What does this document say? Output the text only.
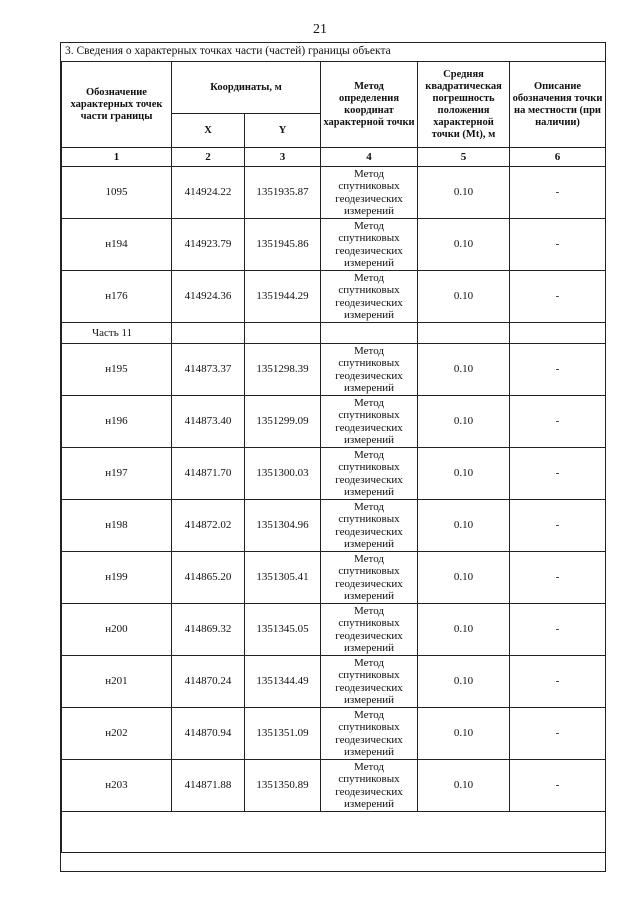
21
3. Сведения о характерных точках части (частей) границы объекта
Обозначение характерных точек части границы	Координаты, м		Метод определения координат характерной точки	Средняя квадратическая погрешность положения характерной точки (Mt), м	Описание обозначения точки на местности (при наличии)
	X	Y			
1	2	3	4	5	6
1095	414924.22	1351935.87	Метод спутниковых геодезических измерений	0.10	-
н194	414923.79	1351945.86	Метод спутниковых геодезических измерений	0.10	-
н176	414924.36	1351944.29	Метод спутниковых геодезических измерений	0.10	-
Часть 11					
н195	414873.37	1351298.39	Метод спутниковых геодезических измерений	0.10	-
н196	414873.40	1351299.09	Метод спутниковых геодезических измерений	0.10	-
н197	414871.70	1351300.03	Метод спутниковых геодезических измерений	0.10	-
н198	414872.02	1351304.96	Метод спутниковых геодезических измерений	0.10	-
н199	414865.20	1351305.41	Метод спутниковых геодезических измерений	0.10	-
н200	414869.32	1351345.05	Метод спутниковых геодезических измерений	0.10	-
н201	414870.24	1351344.49	Метод спутниковых геодезических измерений	0.10	-
н202	414870.94	1351351.09	Метод спутниковых геодезических измерений	0.10	-
н203	414871.88	1351350.89	Метод спутниковых геодезических измерений	0.10	-
